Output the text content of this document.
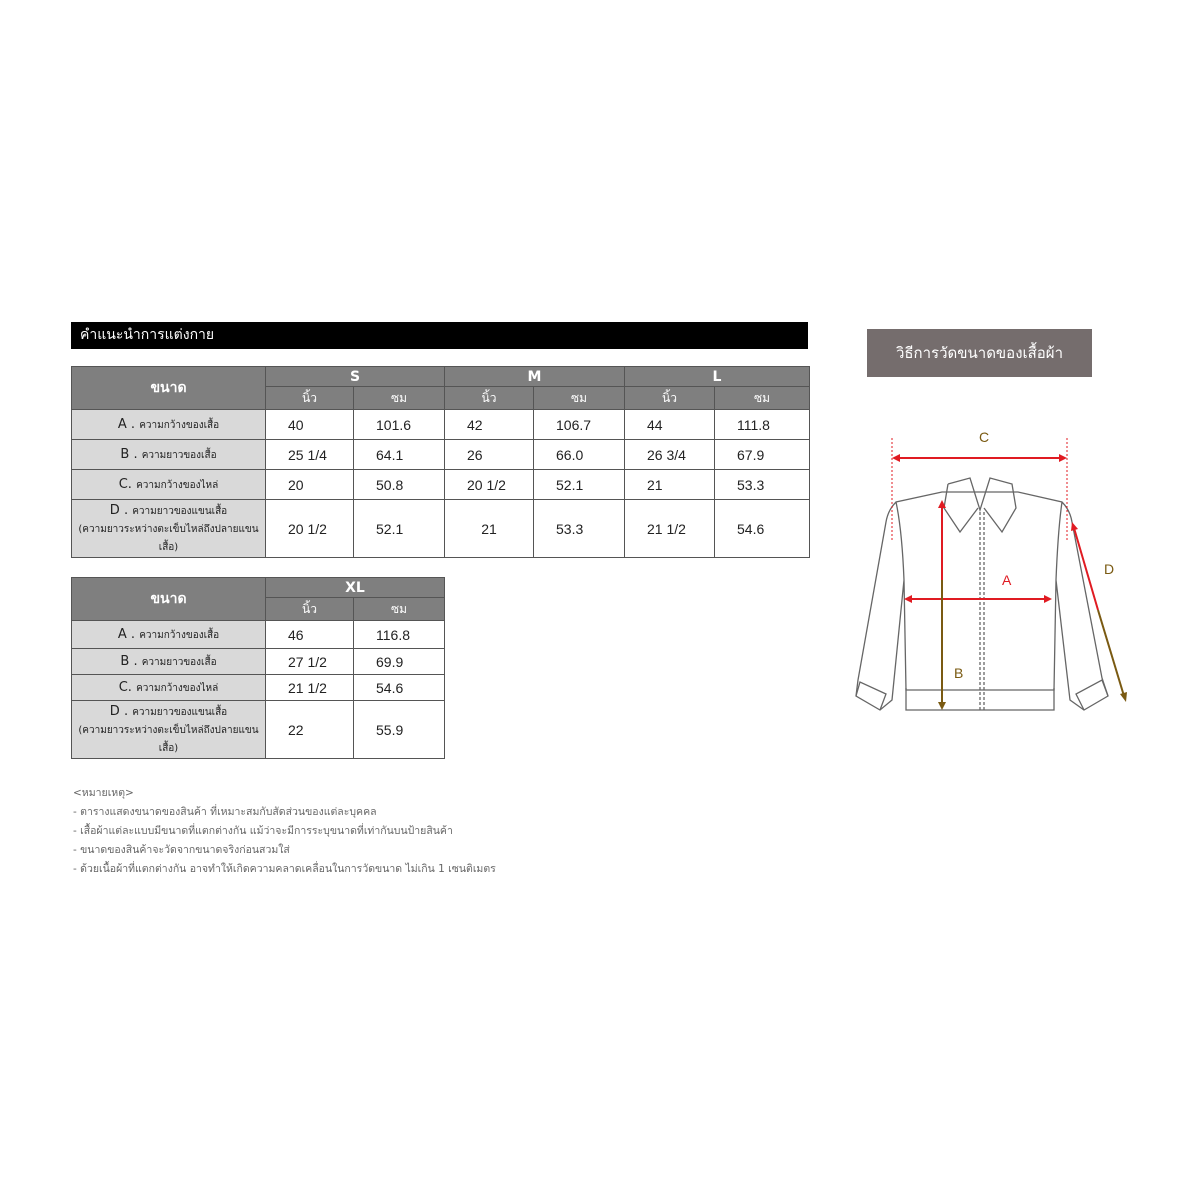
คำแนะนำการแต่งกาย
ขนาด	S		M		L	
	นิ้ว	ซม	นิ้ว	ซม	นิ้ว	ซม
A . ความกว้างของเสื้อ	40	101.6	42	106.7	44	111.8
B . ความยาวของเสื้อ	25 1/4	64.1	26	66.0	26 3/4	67.9
C. ความกว้างของไหล่	20	50.8	20 1/2	52.1	21	53.3
D . ความยาวของแขนเสื้อ
(ความยาวระหว่างตะเข็บไหล่ถึงปลายแขนเสื้อ)	20 1/2	52.1	21	53.3	21 1/2	54.6
ขนาด	XL	
	นิ้ว	ซม
A . ความกว้างของเสื้อ	46	116.8
B . ความยาวของเสื้อ	27 1/2	69.9
C. ความกว้างของไหล่	21 1/2	54.6
D . ความยาวของแขนเสื้อ
(ความยาวระหว่างตะเข็บไหล่ถึงปลายแขนเสื้อ)	22	55.9
<หมายเหตุ>
- ตารางแสดงขนาดของสินค้า ที่เหมาะสมกับสัดส่วนของแต่ละบุคคล
- เสื้อผ้าแต่ละแบบมีขนาดที่แตกต่างกัน แม้ว่าจะมีการระบุขนาดที่เท่ากันบนป้ายสินค้า
- ขนาดของสินค้าจะวัดจากขนาดจริงก่อนสวมใส่
- ด้วยเนื้อผ้าที่แตกต่างกัน อาจทำให้เกิดความคลาดเคลื่อนในการวัดขนาด ไม่เกิน 1 เซนติเมตร
วิธีการวัดขนาดของเสื้อผ้า
C
A
B
D
